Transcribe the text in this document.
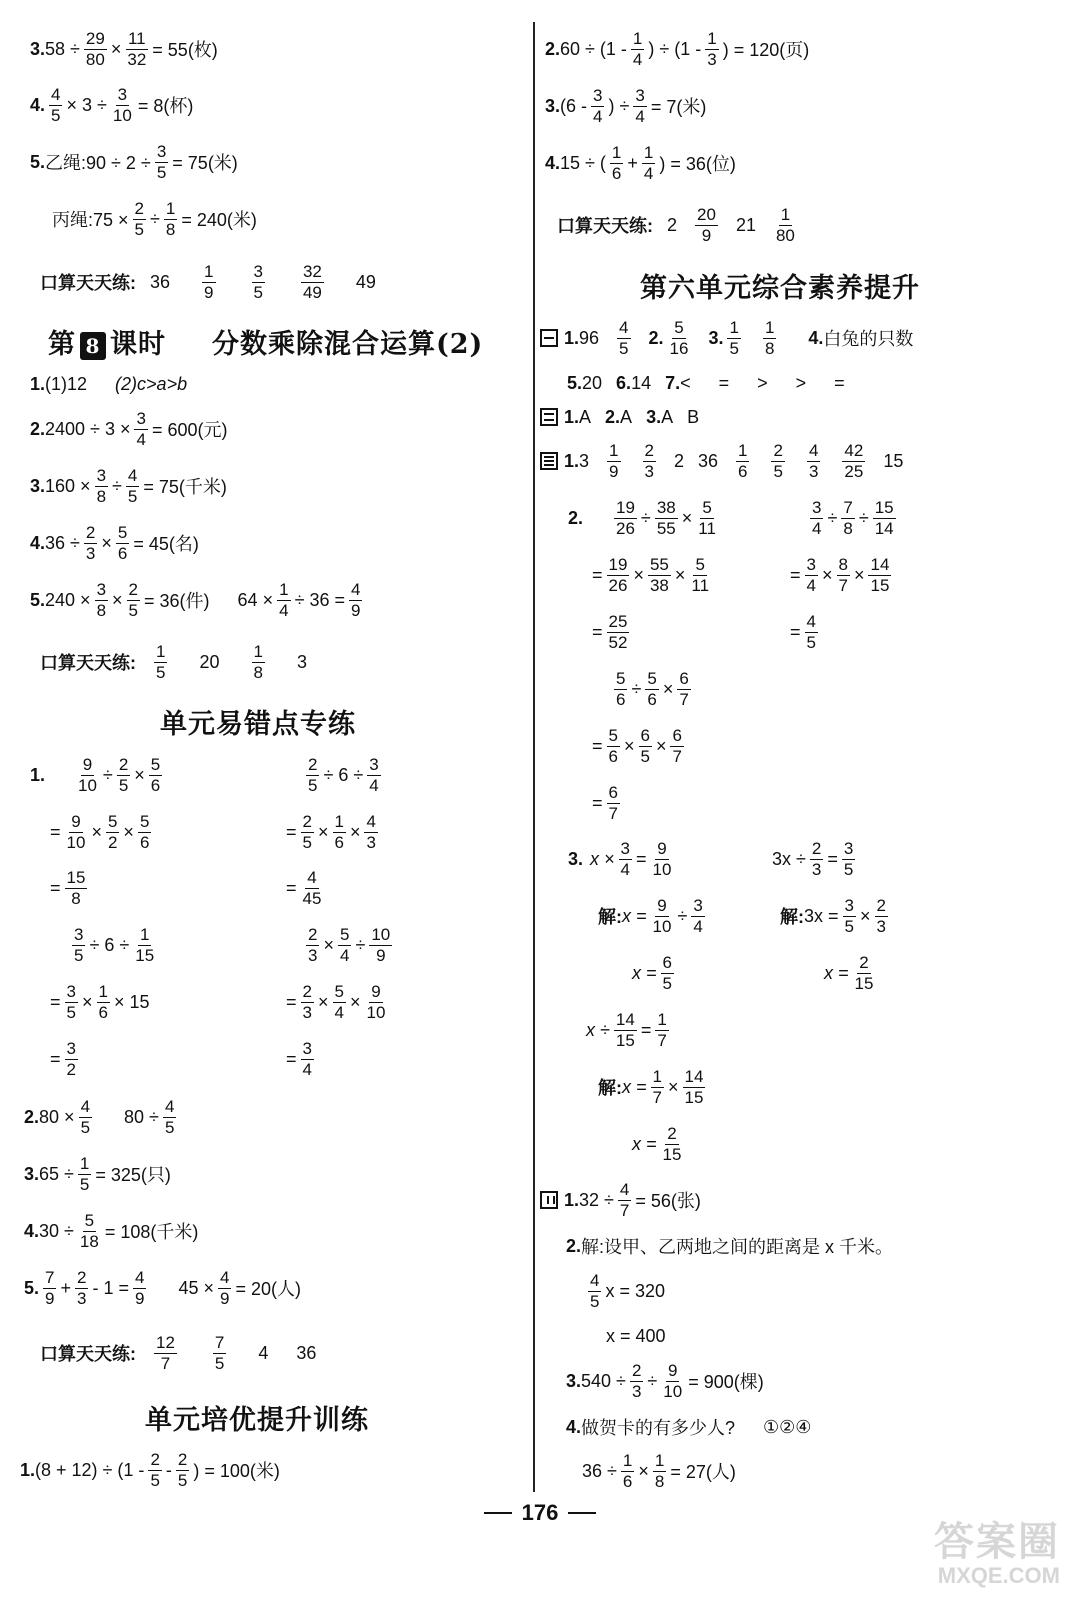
3. $58 \div \frac{29}{80} \times \frac{11}{32} = 55$(枚)
4. $\frac{4}{5} \times 3 \div \frac{3}{10} = 8$(杯)
5. 乙绳:90 ÷ $2 \div \frac{3}{5} = 75$(米)
丙绳:75 × $\frac{2}{5} \div \frac{1}{8} = 240$(米)
口算天天练: $36 \frac{1}{9} \frac{3}{5} \frac{32}{49} 49$
第 8 课时 分数乘除混合运算(2)
1. (1)12 (2)c>a>b
2. $2400 \div 3 \times \frac{3}{4} = 600$(元)
3. $160 \times \frac{3}{8} \div \frac{4}{5} = 75$(千米)
4. $36 \div \frac{2}{3} \times \frac{5}{6} = 45$(名)
5. $240 \times \frac{3}{8} \times \frac{2}{5} = 36$(件) $64 \times \frac{1}{4} \div 36 = \frac{4}{9}$
口算天天练: $\frac{1}{5} 20 \frac{1}{8} 3$
单元易错点专练
1.	$\frac{9}{10} \div \frac{2}{5} \times \frac{5}{6}$	$\frac{2}{5} \div 6 \div \frac{3}{4}$
= $\frac{9}{10} \times \frac{5}{2} \times \frac{5}{6}$	= $\frac{2}{5} \times \frac{1}{6} \times \frac{4}{3}$
= $\frac{15}{8}$	= $\frac{4}{45}$
$\frac{3}{5} \div 6 \div \frac{1}{15}$	$\frac{2}{3} \times \frac{5}{4} \div \frac{10}{9}$
= $\frac{3}{5} \times \frac{1}{6} \times 15$	= $\frac{2}{3} \times \frac{5}{4} \times \frac{9}{10}$
= $\frac{3}{2}$	= $\frac{3}{4}$
2. $80 \times \frac{4}{5} 80 \div \frac{4}{5}$
3. $65 \div \frac{1}{5} = 325$(只)
4. $30 \div \frac{5}{18} = 108$(千米)
5. $\frac{7}{9} + \frac{2}{3} - 1 = \frac{4}{9} 45 \times \frac{4}{9} = 20$(人)
口算天天练: $\frac{12}{7} \frac{7}{5} 4$ 36
单元培优提升训练
1. $(8 + 12) \div (1 - \frac{2}{5} - \frac{2}{5}$ ) = 100(米)
2. $60 \div (1 - \frac{1}{4}$ ) ÷ ($1 - \frac{1}{3}$ ) = 120(页)
3. ($6 - \frac{3}{4}$ ) ÷ $\frac{3}{4} = 7$(米)
4. 15 ÷ ( $\frac{1}{6} + \frac{1}{4}$ ) = 36(位)
口算天天练: $2 \frac{20}{9} 21 \frac{1}{80}$
第六单元综合素养提升
1. $96 \frac{4}{5} 2$. $\frac{5}{16} 3$. $\frac{1}{5} \frac{1}{8} 4$. 白兔的只数
5. 20 6. 14 7. < = > > =
1. A 2. A 3. A B
1. $3 \frac{1}{9} \frac{2}{3} 2$ $36 \frac{1}{6} \frac{2}{5} \frac{4}{3} \frac{42}{25} 15$
2.	$\frac{19}{26} \div \frac{38}{55} \times \frac{5}{11}$	$\frac{3}{4} \div \frac{7}{8} \div \frac{15}{14}$
= $\frac{19}{26} \times \frac{55}{38} \times \frac{5}{11}$	= $\frac{3}{4} \times \frac{8}{7} \times \frac{14}{15}$
= $\frac{25}{52}$	= $\frac{4}{5}$
$\frac{5}{6} \div \frac{5}{6} \times \frac{6}{7}$
= $\frac{5}{6} \times \frac{6}{5} \times \frac{6}{7}$
= $\frac{6}{7}$
3. $x \times \frac{3}{4} = \frac{9}{10}$	$3x \div \frac{2}{3} = \frac{3}{5}$
解: $x = \frac{9}{10} \div \frac{3}{4}$	解: $3x = \frac{3}{5} \times \frac{2}{3}$
$x = \frac{6}{5}$	$x = \frac{2}{15}$
$x \div \frac{14}{15} = \frac{1}{7}$
解: $x = \frac{1}{7} \times \frac{14}{15}$
$x = \frac{2}{15}$
1. $32 \div \frac{4}{7} = 56$(张)
2. 解:设甲、乙两地之间的距离是 x 千米。
$\frac{4}{5}$ x = 320
x = 400
3. $540 \div \frac{2}{3} \div \frac{9}{10} = 900$(棵)
4. 做贺卡的有多少人? ①②④
$36 \div \frac{1}{6} \times \frac{1}{8} = 27$(人)
176
答案圈
MXQE.COM
